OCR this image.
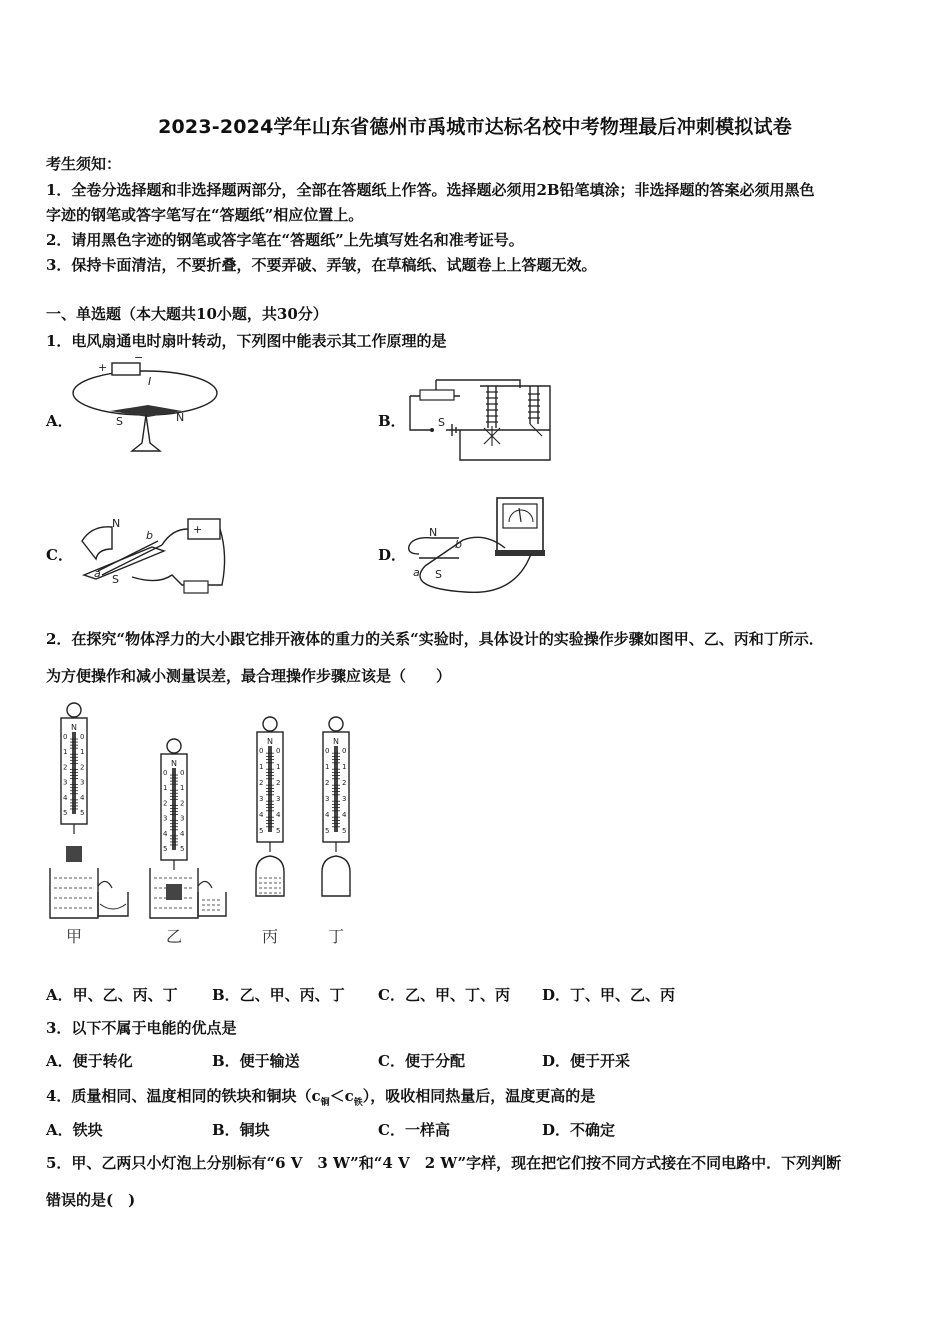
2023-2024学年山东省德州市禹城市达标名校中考物理最后冲刺模拟试卷
考生须知：
1．全卷分选择题和非选择题两部分，全部在答题纸上作答。选择题必须用2B铅笔填涂；非选择题的答案必须用黑色
字迹的钢笔或答字笔写在“答题纸”相应位置上。
2．请用黑色字迹的钢笔或答字笔在“答题纸”上先填写姓名和准考证号。
3．保持卡面清洁，不要折叠，不要弄破、弄皱，在草稿纸、试题卷上上答题无效。
一、单选题（本大题共10小题，共30分）
1．电风扇通电时扇叶转动，下列图中能表示其工作原理的是
A．	B．
C．	D．
+
−
I
S	N	S
N
S
a
b	+	N
S
b
a
2．在探究“物体浮力的大小跟它排开液体的重力的关系“实验时，具体设计的实验操作步骤如图甲、乙、丙和丁所示．
为方便操作和减小测量误差，最合理操作步骤应该是（　　）
N
0 0
1 1
2 2
3 3
4 4
5 5
N
0 0
1 1
2 2
3 3
4 4
5 5
N
0 0
1 1
2 2
3 3
4 4
5 5
N
0 0
1 1
2 2
3 3
4 4
5 5
甲	乙	丙	丁
A．甲、乙、丙、丁 B．乙、甲、丙、丁 C．乙、甲、丁、丙 D．丁、甲、乙、丙
3．以下不属于电能的优点是
A．便于转化	B．便于输送	C．便于分配	D．便于开采
4．质量相同、温度相同的铁块和铜块$(c_铜<c_铁)$，吸收相同热量后，温度更高的是
A．铁块	B．铜块	C．一样高	D．不确定
5．甲、乙两只小灯泡上分别标有“6 V　3 W”和“4 V　2 W”字样，现在把它们按不同方式接在不同电路中．下列判断
错误的是(　)
